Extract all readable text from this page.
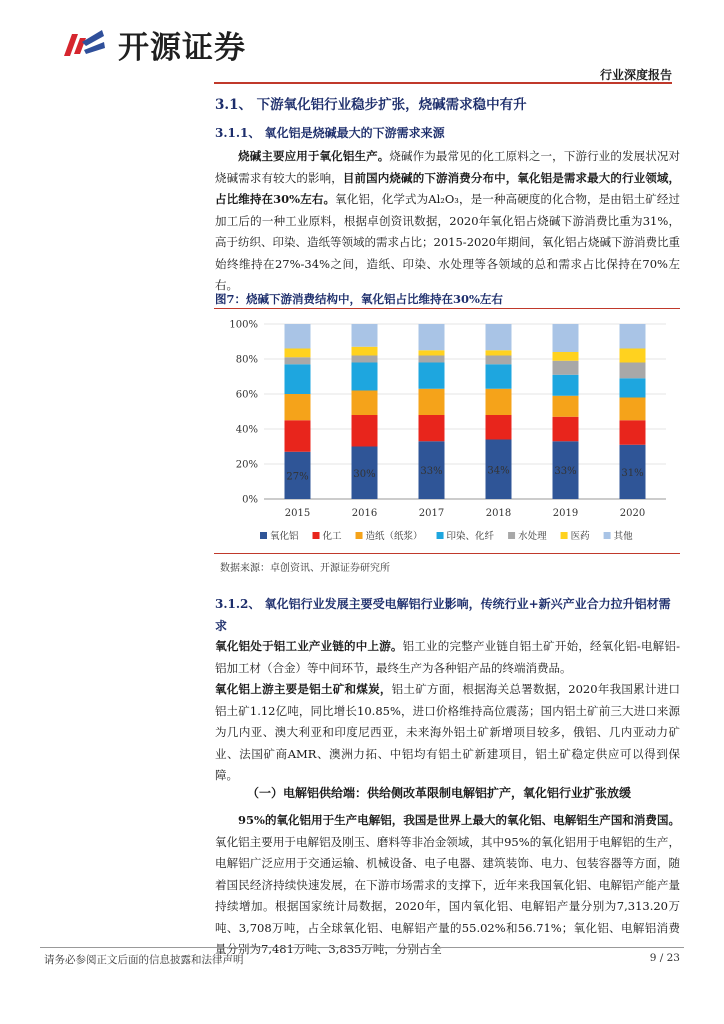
开源证券
行业深度报告
3.1、 下游氧化铝行业稳步扩张，烧碱需求稳中有升
3.1.1、 氧化铝是烧碱最大的下游需求来源
烧碱主要应用于氧化铝生产。烧碱作为最常见的化工原料之一，下游行业的发展状况对烧碱需求有较大的影响，目前国内烧碱的下游消费分布中，氧化铝是需求最大的行业领域，占比维持在30%左右。氧化铝，化学式为Al₂O₃，是一种高硬度的化合物，是由铝土矿经过加工后的一种工业原料，根据卓创资讯数据，2020年氧化铝占烧碱下游消费比重为31%，高于纺织、印染、造纸等领域的需求占比；2015-2020年期间，氧化铝占烧碱下游消费比重始终维持在27%-34%之间，造纸、印染、水处理等各领域的总和需求占比保持在70%左右。
图7：烧碱下游消费结构中，氧化铝占比维持在30%左右
0%
20%
40%
60%
80%
100%
27%	30%	33%	34%	33%	31%
2015	2016	2017	2018	2019	2020
氧化铝	化工	造纸（纸浆）	印染、化纤	水处理	医药	其他
数据来源：卓创资讯、开源证券研究所
3.1.2、 氧化铝行业发展主要受电解铝行业影响，传统行业+新兴产业合力拉升铝材需求
氧化铝处于铝工业产业链的中上游。铝工业的完整产业链自铝土矿开始，经氧化铝-电解铝-铝加工材（合金）等中间环节，最终生产为各种铝产品的终端消费品。
氧化铝上游主要是铝土矿和煤炭，铝土矿方面，根据海关总署数据，2020年我国累计进口铝土矿1.12亿吨，同比增长10.85%，进口价格维持高位震荡；国内铝土矿前三大进口来源为几内亚、澳大利亚和印度尼西亚，未来海外铝土矿新增项目较多，俄铝、几内亚动力矿业、法国矿商AMR、澳洲力拓、中铝均有铝土矿新建项目，铝土矿稳定供应可以得到保障。
（一）电解铝供给端：供给侧改革限制电解铝扩产，氧化铝行业扩张放缓
95%的氧化铝用于生产电解铝，我国是世界上最大的氧化铝、电解铝生产国和消费国。氧化铝主要用于电解铝及刚玉、磨料等非冶金领域，其中95%的氧化铝用于电解铝的生产，电解铝广泛应用于交通运输、机械设备、电子电器、建筑装饰、电力、包装容器等方面，随着国民经济持续快速发展，在下游市场需求的支撑下，近年来我国氧化铝、电解铝产能产量持续增加。根据国家统计局数据，2020年，国内氧化铝、电解铝产量分别为7,313.20万吨、3,708万吨，占全球氧化铝、电解铝产量的55.02%和56.71%；氧化铝、电解铝消费量分别为7,481万吨、3,835万吨，分别占全
请务必参阅正文后面的信息披露和法律声明	9 / 23
